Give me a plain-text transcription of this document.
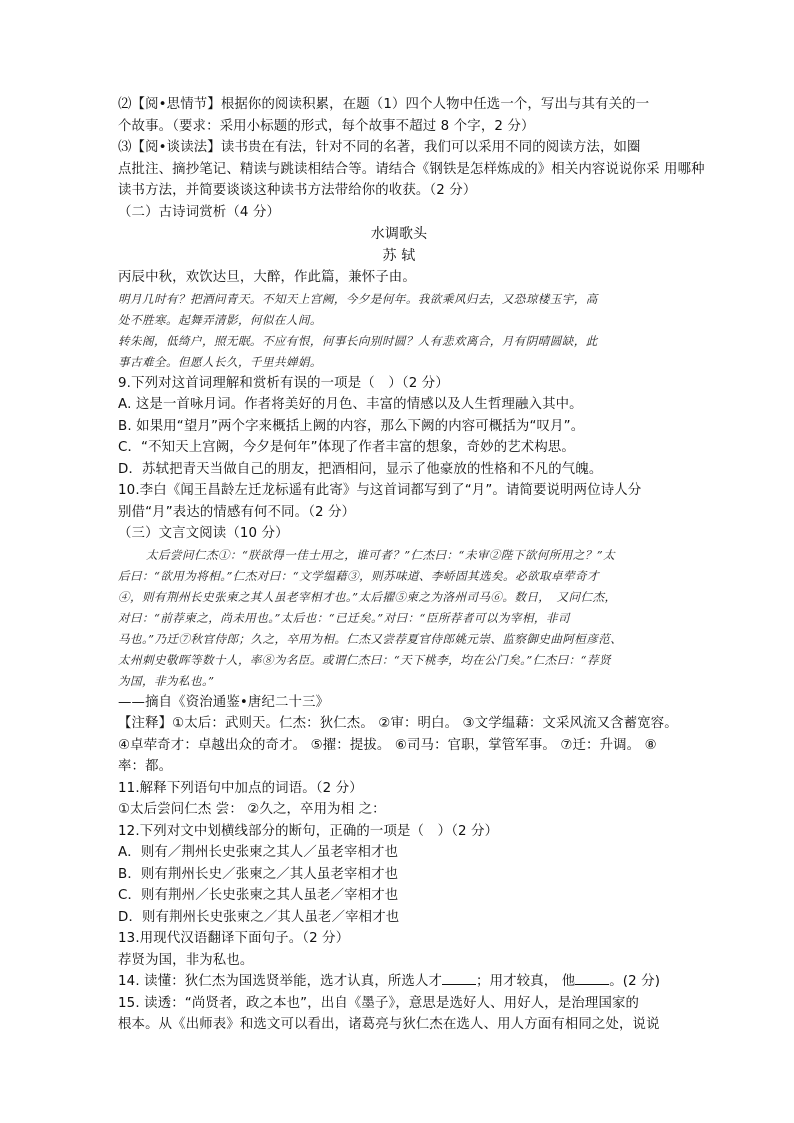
⑵【阅•思情节】根据你的阅读积累，在题（1）四个人物中任选一个，写出与其有关的一
个故事。（要求：采用小标题的形式，每个故事不超过 8 个字，2 分）
⑶【阅•谈读法】读书贵在有法，针对不同的名著，我们可以采用不同的阅读方法，如圈
点批注、摘抄笔记、精读与跳读相结合等。请结合《钢铁是怎样炼成的》相关内容说说你采 用哪种
读书方法，并简要谈谈这种读书方法带给你的收获。（2 分）
（二）古诗词赏析（4 分）
水调歌头
苏 轼
丙辰中秋，欢饮达旦，大醉，作此篇，兼怀子由。
明月几时有？把酒问青天。不知天上宫阙，今夕是何年。我欲乘风归去，又恐琼楼玉宇，高
处不胜寒。起舞弄清影，何似在人间。
转朱阁，低绮户，照无眠。不应有恨，何事长向别时圆？人有悲欢离合，月有阴晴圆缺，此
事古难全。但愿人长久，千里共婵娟。
9.下列对这首词理解和赏析有误的一项是（　）（2 分）
A. 这是一首咏月词。作者将美好的月色、丰富的情感以及人生哲理融入其中。
B. 如果用“望月”两个字来概括上阙的内容，那么下阙的内容可概括为“叹月”。
C．“不知天上宫阙，今夕是何年”体现了作者丰富的想象，奇妙的艺术构思。
D．苏轼把青天当做自己的朋友，把酒相问，显示了他豪放的性格和不凡的气魄。
10.李白《闻王昌龄左迁龙标遥有此寄》与这首词都写到了“月”。请简要说明两位诗人分
别借“月”表达的情感有何不同。（2 分）
（三）文言文阅读（10 分）
太后尝问仁杰①：“朕欲得一佳士用之，谁可者？”仁杰曰：“未审②陛下欲何所用之？”太
后曰：“欲用为将相。”仁杰对曰：“文学缊藉③，则苏味道、李峤固其选矣。必欲取卓荦奇才
④，则有荆州长史张柬之其人虽老宰相才也。”太后擢⑤柬之为洛州司马⑥。数日，　又问仁杰，
对曰：“前荐柬之，尚未用也。”太后也：“已迁矣。”对曰：“臣所荐者可以为宰相，非司
马也。”乃迁⑦秋官侍郎；久之，卒用为相。仁杰又尝荐夏官侍郎姚元崇、监察御史曲阿桓彦范、
太州刺史敬晖等数十人，率⑧为名臣。或谓仁杰曰：“天下桃李，均在公门矣。”仁杰曰：“荐贤
为国，非为私也。”
——摘自《资治通鉴•唐纪二十三》
【注释】①太后：武则天。仁杰：狄仁杰。 ②审：明白。 ③文学缊藉：文采风流又含蓄宽容。
④卓荦奇才：卓越出众的奇才。 ⑤擢：提拔。 ⑥司马：官职，掌管军事。 ⑦迁：升调。 ⑧
率：都。
11.解释下列语句中加点的词语。（2 分）
①太后尝问仁杰 尝： ②久之，卒用为相 之：
12.下列对文中划横线部分的断句，正确的一项是（　）（2 分）
A．则有／荆州长史张柬之其人／虽老宰相才也
B．则有荆州长史／张柬之／其人虽老宰相才也
C．则有荆州／长史张柬之其人虽老／宰相才也
D．则有荆州长史张柬之／其人虽老／宰相才也
13.用现代汉语翻译下面句子。（2 分）
荐贤为国，非为私也。
14. 读懂：狄仁杰为国选贤举能，选才认真，所选人才	；用才较真， 他	。(2 分)
15. 读透：“尚贤者，政之本也”，出自《墨子》，意思是选好人、用好人，是治理国家的
根本。从《出师表》和选文可以看出，诸葛亮与狄仁杰在选人、用人方面有相同之处，说说
